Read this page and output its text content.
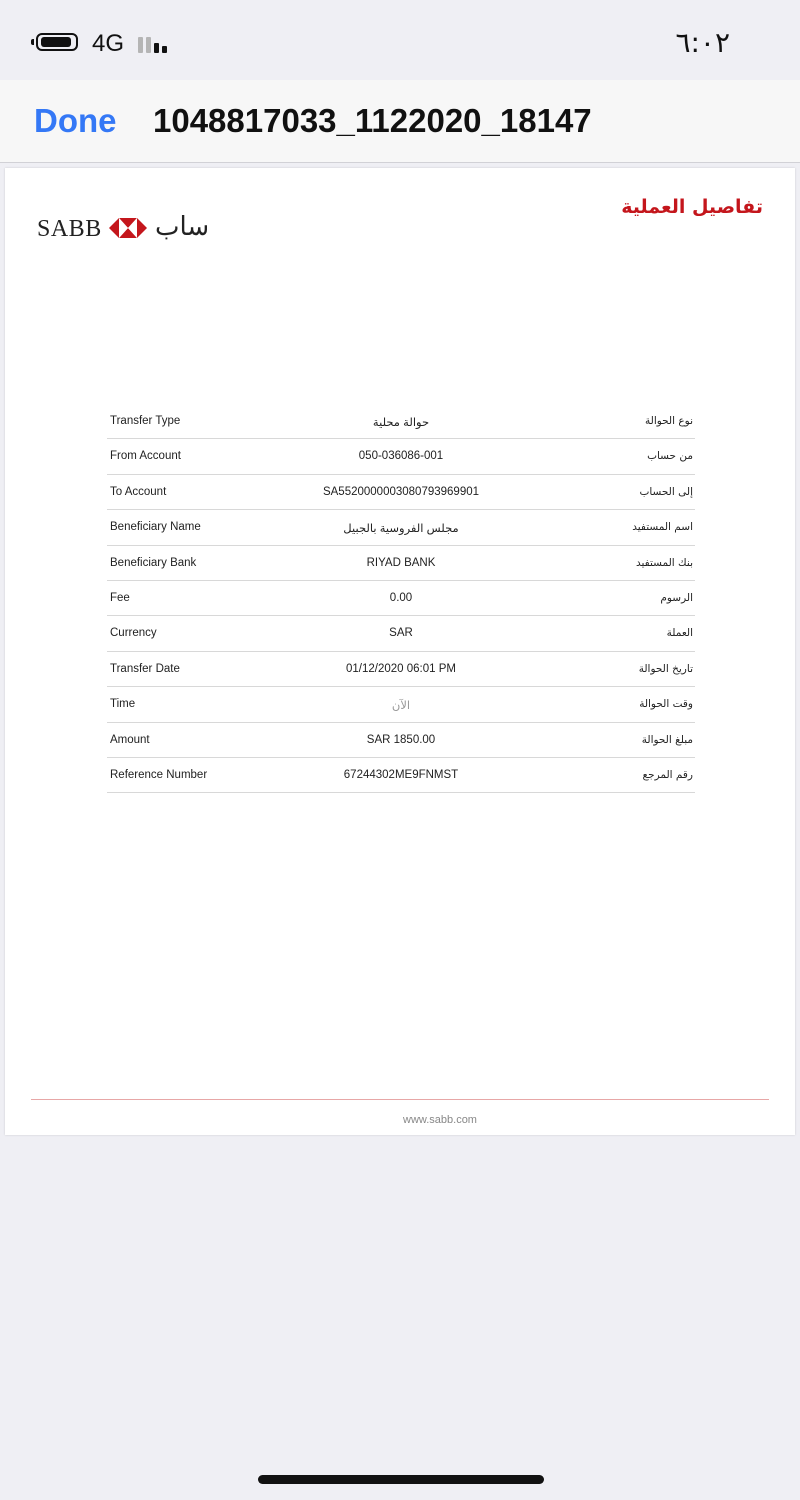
4G	٦:٠٢
Done 1048817033_1122020_18147
SABB ساب
تفاصيل العملية
Transfer Type	حوالة محلية	نوع الحوالة
From Account	050-036086-001	من حساب
To Account	SA5520000003080793969901	إلى الحساب
Beneficiary Name	مجلس الفروسية بالجبيل	اسم المستفيد
Beneficiary Bank	RIYAD BANK	بنك المستفيد
Fee	0.00	الرسوم
Currency	SAR	العملة
Transfer Date	01/12/2020 06:01 PM	تاريخ الحوالة
Time	الآن	وقت الحوالة
Amount	SAR 1850.00	مبلغ الحوالة
Reference Number	67244302ME9FNMST	رقم المرجع
www.sabb.com
